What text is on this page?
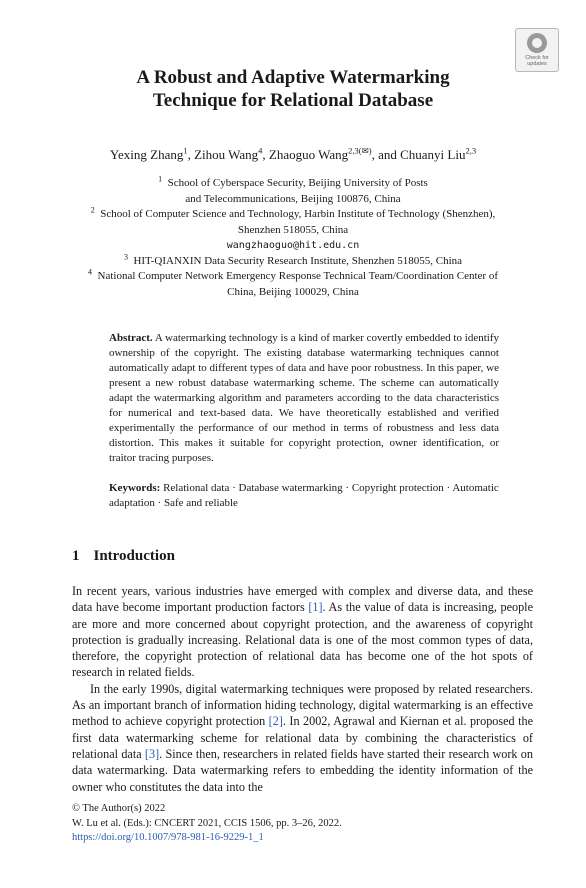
Check for updates
A Robust and Adaptive Watermarking
Technique for Relational Database
Yexing Zhang$^1$, Zihou Wang$^4$, Zhaoguo Wang$^{2,3(✉)}$, and Chuanyi Liu$^{2,3}$
$^1$  School of Cyberspace Security, Beijing University of Posts
and Telecommunications, Beijing 100876, China
$^2$  School of Computer Science and Technology, Harbin Institute of Technology (Shenzhen),
Shenzhen 518055, China
wangzhaoguo@hit.edu.cn
$^3$  HIT-QIANXIN Data Security Research Institute, Shenzhen 518055, China
$^4$  National Computer Network Emergency Response Technical Team/Coordination Center of
China, Beijing 100029, China
Abstract. A watermarking technology is a kind of marker covertly embedded to identify ownership of the copyright. The existing database watermarking techniques cannot automatically adapt to different types of data and have poor robustness. In this paper, we present a new robust database watermarking scheme. The scheme can automatically adapt the watermarking algorithm and parameters according to the data characteristics for numerical and text-based data. We have theoretically established and verified experimentally the performance of our method in terms of robustness and less data distortion. This makes it suitable for copyright protection, owner identification, or traitor tracing purposes.
Keywords: Relational data · Database watermarking · Copyright protection · Automatic adaptation · Safe and reliable
1 Introduction

In recent years, various industries have emerged with complex and diverse data, and these data have become important production factors [1]. As the value of data is increasing, people are more and more concerned about copyright protection, and the awareness of copyright protection is gradually increasing. Relational data is one of the most common types of data, therefore, the copyright protection of relational data has become one of the hot spots of research in related fields.

In the early 1990s, digital watermarking techniques were proposed by related researchers. As an important branch of information hiding technology, digital watermarking is an effective method to achieve copyright protection [2]. In 2002, Agrawal and Kiernan et al. proposed the first data watermarking scheme for relational data by combining the characteristics of relational data [3]. Since then, researchers in related fields have started their research work on data watermarking. Data watermarking refers to embedding the identity information of the owner who constitutes the data into the

© The Author(s) 2022
W. Lu et al. (Eds.): CNCERT 2021, CCIS 1506, pp. 3–26, 2022.
https://doi.org/10.1007/978-981-16-9229-1_1
